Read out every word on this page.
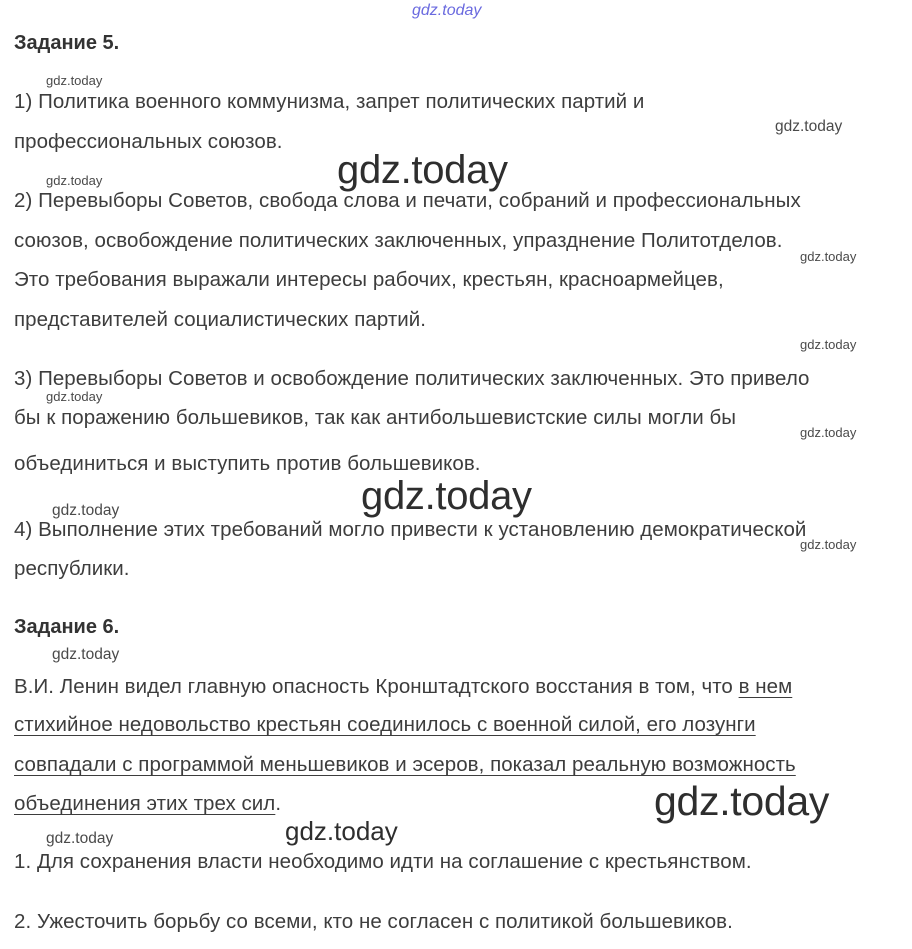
gdz.today
Задание 5.
gdz.today
1) Политика военного коммунизма, запрет политических партий и
gdz.today
профессиональных союзов.
gdz.today
gdz.today
2) Перевыборы Советов, свобода слова и печати, собраний и профессиональных
союзов, освобождение политических заключенных, упразднение Политотделов.
gdz.today
Это требования выражали интересы рабочих, крестьян, красноармейцев,
представителей социалистических партий.
gdz.today
3) Перевыборы Советов и освобождение политических заключенных. Это привело
gdz.today
бы к поражению большевиков, так как антибольшевистские силы могли бы
gdz.today
объединиться и выступить против большевиков.
gdz.today
gdz.today
4) Выполнение этих требований могло привести к установлению демократической
gdz.today
республики.
Задание 6.
gdz.today
В.И. Ленин видел главную опасность Кронштадтского восстания в том, что в нем
стихийное недовольство крестьян соединилось с военной силой, его лозунги
совпадали с программой меньшевиков и эсеров, показал реальную возможность
объединения этих трех сил.	gdz.today
gdz.today
gdz.today
1. Для сохранения власти необходимо идти на соглашение с крестьянством.
2. Ужесточить борьбу со всеми, кто не согласен с политикой большевиков.
